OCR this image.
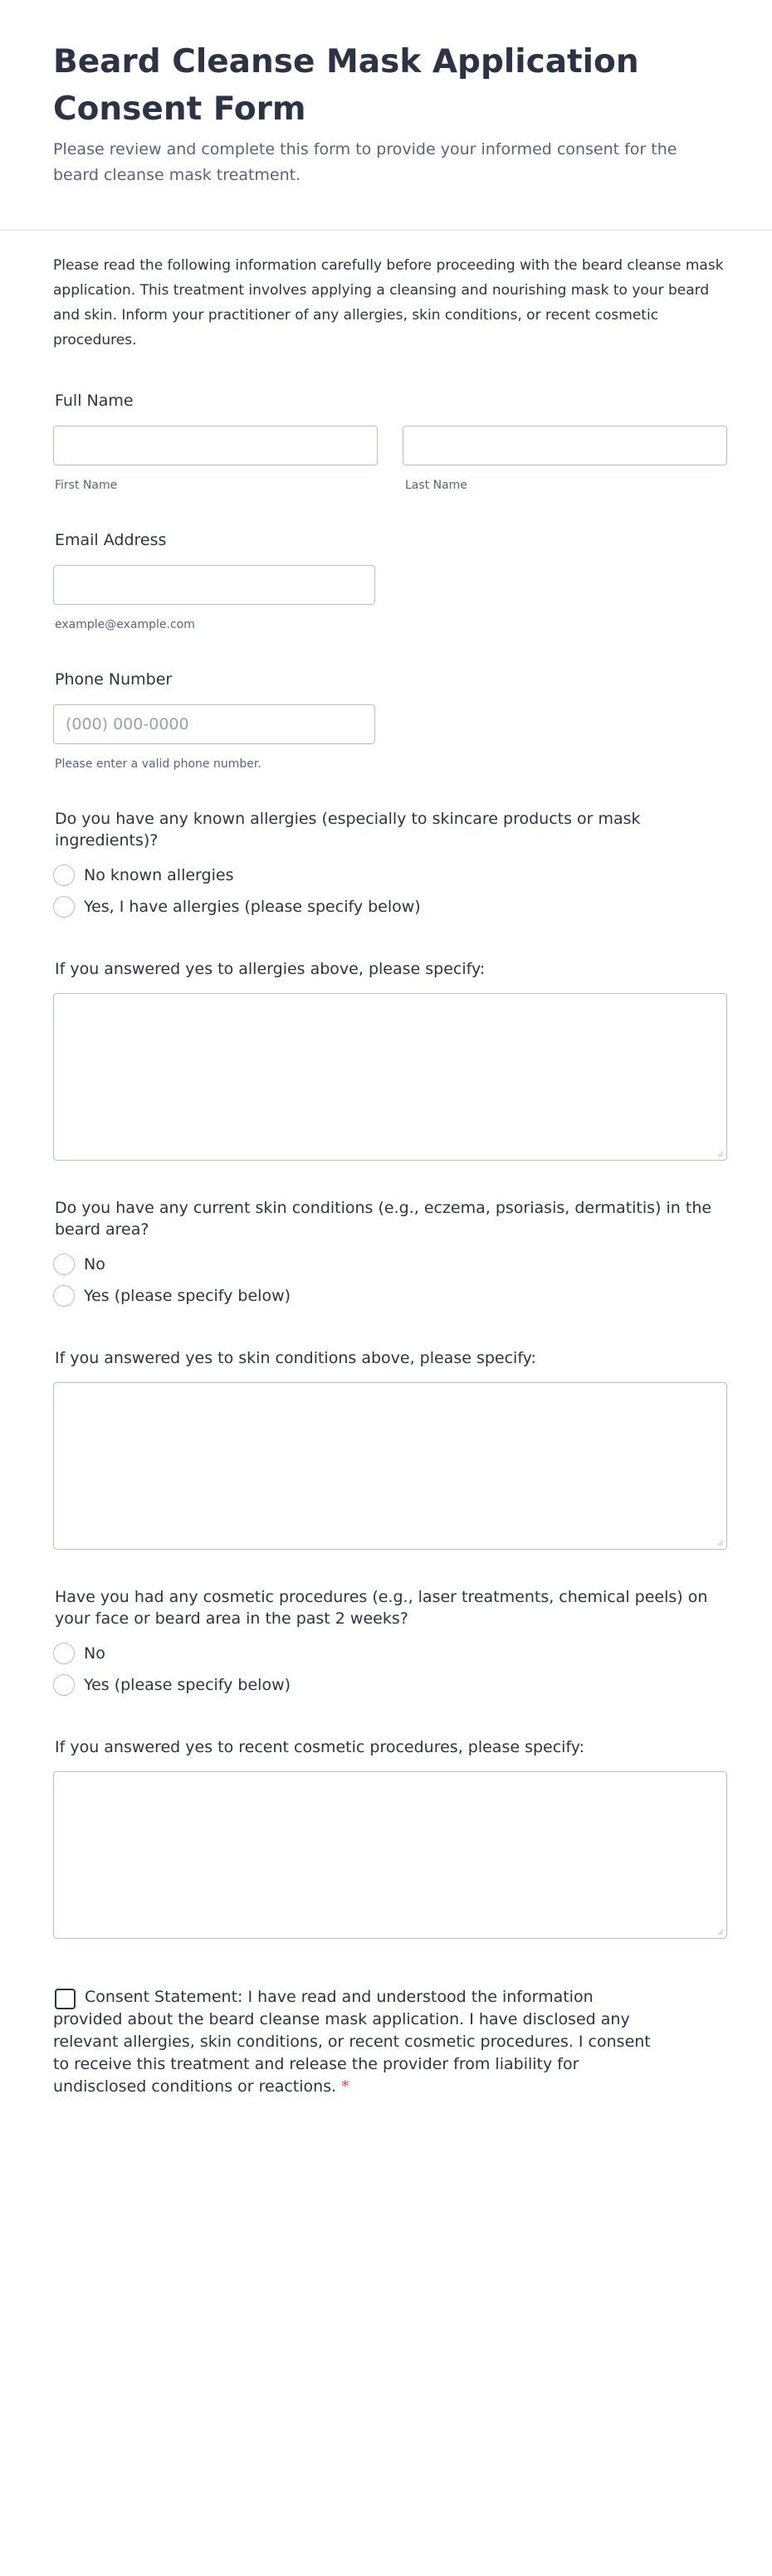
Beard Cleanse Mask Application Consent Form

Please review and complete this form to provide your informed consent for the beard cleanse mask treatment.

Please read the following information carefully before proceeding with the beard cleanse mask application. This treatment involves applying a cleansing and nourishing mask to your beard and skin. Inform your practitioner of any allergies, skin conditions, or recent cosmetic procedures.

Full Name
First Name	Last Name
Email Address
example@example.com
Phone Number
(000) 000-0000
Please enter a valid phone number.
Do you have any known allergies (especially to skincare products or mask ingredients)?
No known allergies
Yes, I have allergies (please specify below)
If you answered yes to allergies above, please specify:
Do you have any current skin conditions (e.g., eczema, psoriasis, dermatitis) in the beard area?
No
Yes (please specify below)
If you answered yes to skin conditions above, please specify:
Have you had any cosmetic procedures (e.g., laser treatments, chemical peels) on your face or beard area in the past 2 weeks?
No
Yes (please specify below)
If you answered yes to recent cosmetic procedures, please specify:

Consent Statement: I have read and understood the information provided about the beard cleanse mask application. I have disclosed any relevant allergies, skin conditions, or recent cosmetic procedures. I consent to receive this treatment and release the provider from liability for undisclosed conditions or reactions. *
